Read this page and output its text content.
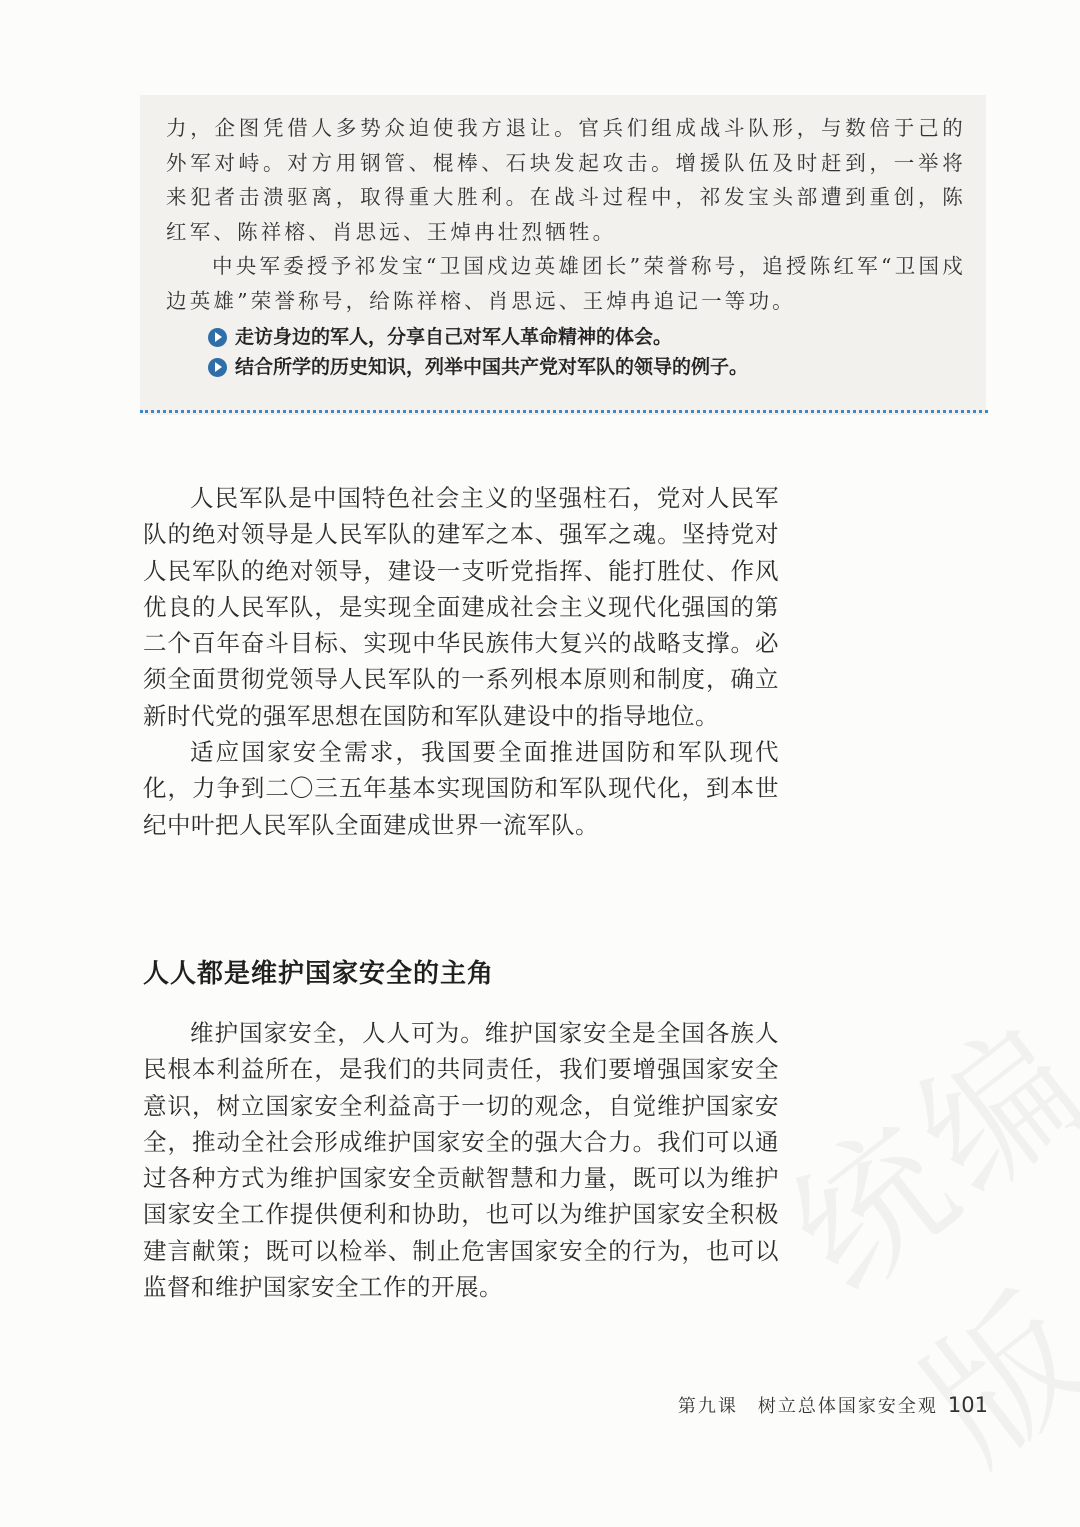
力，企图凭借人多势众迫使我方退让。官兵们组成战斗队形，与数倍于己的外军对峙。对方用钢管、棍棒、石块发起攻击。增援队伍及时赶到，一举将来犯者击溃驱离，取得重大胜利。在战斗过程中，祁发宝头部遭到重创，陈红军、陈祥榕、肖思远、王焯冉壮烈牺牲。

中央军委授予祁发宝“卫国戍边英雄团长”荣誉称号，追授陈红军“卫国戍边英雄”荣誉称号，给陈祥榕、肖思远、王焯冉追记一等功。

走访身边的军人，分享自己对军人革命精神的体会。
结合所学的历史知识，列举中国共产党对军队的领导的例子。

人民军队是中国特色社会主义的坚强柱石，党对人民军队的绝对领导是人民军队的建军之本、强军之魂。坚持党对人民军队的绝对领导，建设一支听党指挥、能打胜仗、作风优良的人民军队，是实现全面建成社会主义现代化强国的第二个百年奋斗目标、实现中华民族伟大复兴的战略支撑。必须全面贯彻党领导人民军队的一系列根本原则和制度，确立新时代党的强军思想在国防和军队建设中的指导地位。

适应国家安全需求，我国要全面推进国防和军队现代化，力争到二〇三五年基本实现国防和军队现代化，到本世纪中叶把人民军队全面建成世界一流军队。

人人都是维护国家安全的主角

维护国家安全，人人可为。维护国家安全是全国各族人民根本利益所在，是我们的共同责任，我们要增强国家安全意识，树立国家安全利益高于一切的观念，自觉维护国家安全，推动全社会形成维护国家安全的强大合力。我们可以通过各种方式为维护国家安全贡献智慧和力量，既可以为维护国家安全工作提供便利和协助，也可以为维护国家安全积极建言献策；既可以检举、制止危害国家安全的行为，也可以监督和维护国家安全工作的开展。

第九课　树立总体国家安全观 101
